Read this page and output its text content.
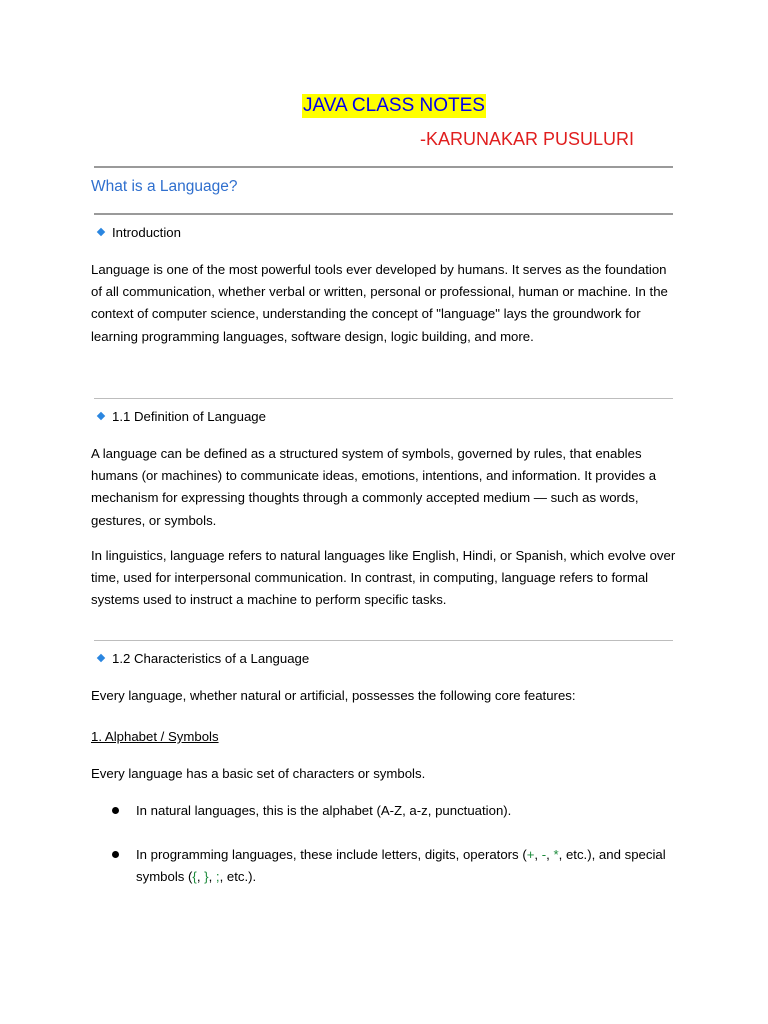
JAVA CLASS NOTES
-KARUNAKAR PUSULURI
What is a Language?
Introduction

Language is one of the most powerful tools ever developed by humans. It serves as the foundation of all communication, whether verbal or written, personal or professional, human or machine. In the context of computer science, understanding the concept of "language" lays the groundwork for learning programming languages, software design, logic building, and more.

1.1 Definition of Language

A language can be defined as a structured system of symbols, governed by rules, that enables humans (or machines) to communicate ideas, emotions, intentions, and information. It provides a mechanism for expressing thoughts through a commonly accepted medium — such as words, gestures, or symbols.

In linguistics, language refers to natural languages like English, Hindi, or Spanish, which evolve over time, used for interpersonal communication. In contrast, in computing, language refers to formal systems used to instruct a machine to perform specific tasks.

1.2 Characteristics of a Language

Every language, whether natural or artificial, possesses the following core features:

1. Alphabet / Symbols

Every language has a basic set of characters or symbols.

In natural languages, this is the alphabet (A-Z, a-z, punctuation).
In programming languages, these include letters, digits, operators (+, -, *, etc.), and special symbols ({, }, ;, etc.).
